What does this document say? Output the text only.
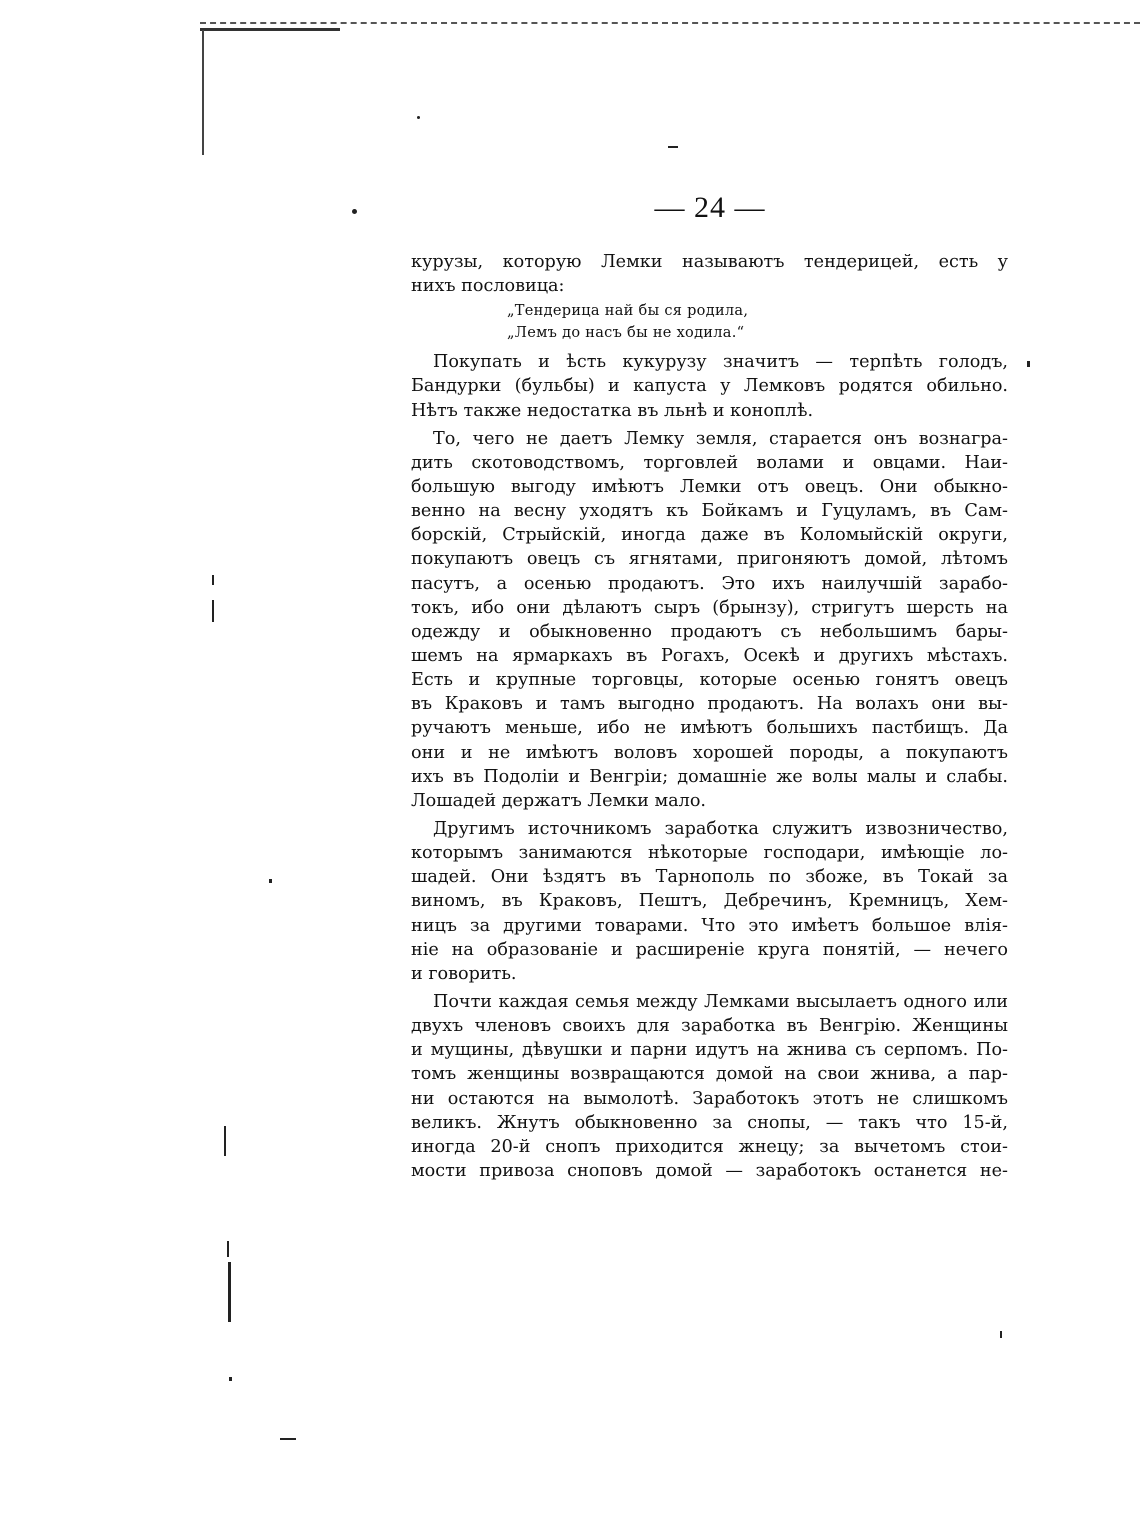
— 24 —
курузы, которую Лемки называютъ тендерицей, есть у
нихъ пословица:
„Тендерица най бы ся родила,
„Лемъ до насъ бы не ходила.“
Покупать и ѣсть кукурузу значитъ — терпѣть голодъ,
Бандурки (бульбы) и капуста у Лемковъ родятся обильно.
Нѣтъ также недостатка въ льнѣ и коноплѣ.
То, чего не даетъ Лемку земля, старается онъ вознагра-
дить скотоводствомъ, торговлей волами и овцами. Наи-
большую выгоду имѣютъ Лемки отъ овецъ. Они обыкно-
венно на весну уходятъ къ Бойкамъ и Гуцуламъ, въ Сам-
борскiй, Стрыйскiй, иногда даже въ Коломыйскiй округи,
покупаютъ овецъ съ ягнятами, пригоняютъ домой, лѣтомъ
пасутъ, а осенью продаютъ. Это ихъ наилучшiй зарабо-
токъ, ибо они дѣлаютъ сыръ (брынзу), стригутъ шерсть на
одежду и обыкновенно продаютъ съ небольшимъ бары-
шемъ на ярмаркахъ въ Рогахъ, Осекѣ и другихъ мѣстахъ.
Есть и крупные торговцы, которые осенью гонятъ овецъ
въ Краковъ и тамъ выгодно продаютъ. На волахъ они вы-
ручаютъ меньше, ибо не имѣютъ большихъ пастбищъ. Да
они и не имѣютъ воловъ хорошей породы, а покупаютъ
ихъ въ Подолiи и Венгрiи; домашнiе же волы малы и слабы.
Лошадей держатъ Лемки мало.
Другимъ источникомъ заработка служитъ извозничество,
которымъ занимаются нѣкоторые господари, имѣющiе ло-
шадей. Они ѣздятъ въ Тарнополь по збоже, въ Токай за
виномъ, въ Краковъ, Пештъ, Дебречинъ, Кремницъ, Хем-
ницъ за другими товарами. Что это имѣетъ большое влiя-
нiе на образованiе и расширенiе круга понятiй, — нечего
и говорить.
Почти каждая семья между Лемками высылаетъ одного или
двухъ членовъ своихъ для заработка въ Венгрiю. Женщины
и мущины, дѣвушки и парни идутъ на жнива съ серпомъ. По-
томъ женщины возвращаются домой на свои жнива, а пар-
ни остаются на вымолотѣ. Заработокъ этотъ не слишкомъ
великъ. Жнутъ обыкновенно за снопы, — такъ что 15-й,
иногда 20-й снопъ приходится жнецу; за вычетомъ стои-
мости привоза сноповъ домой — заработокъ останется не-
